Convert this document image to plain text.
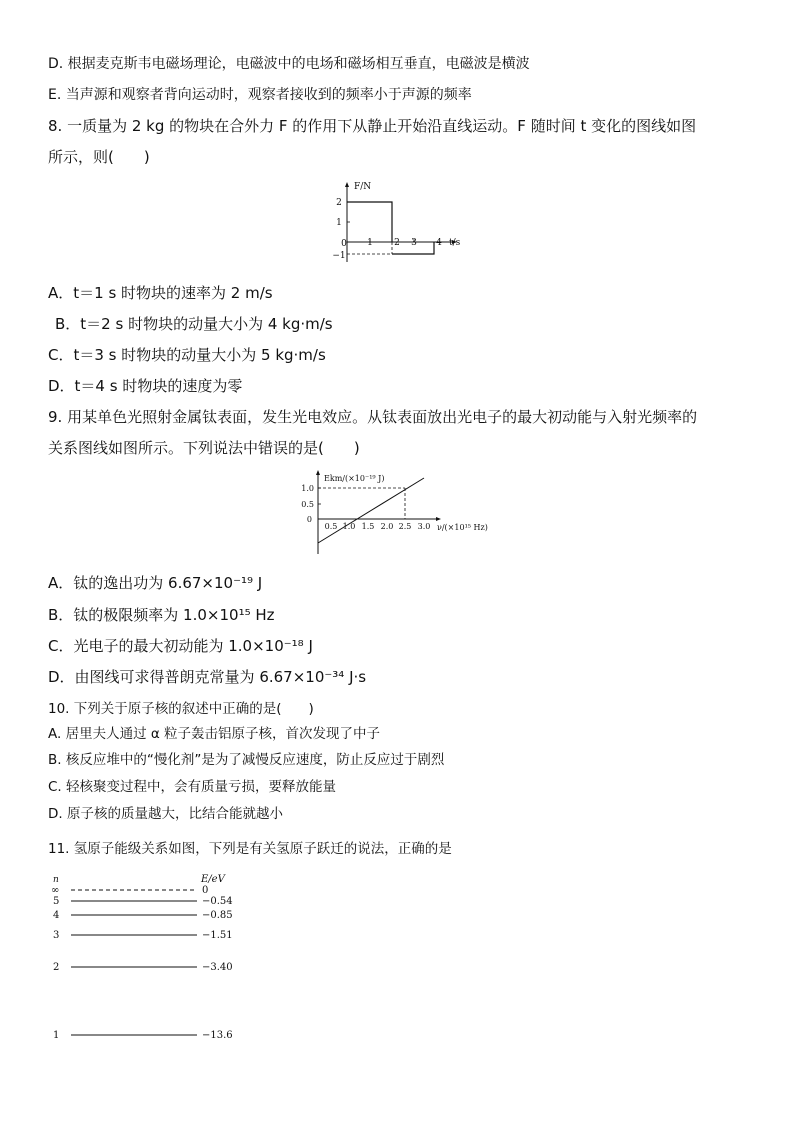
D. 根据麦克斯韦电磁场理论，电磁波中的电场和磁场相互垂直，电磁波是横波
E. 当声源和观察者背向运动时，观察者接收到的频率小于声源的频率
8. 一质量为 2 kg 的物块在合外力 F 的作用下从静止开始沿直线运动。F 随时间 t 变化的图线如图
所示，则(　　)
F/N
2
1
0
−1
1 2 3 4 t/s
A．t＝1 s 时物块的速率为 2 m/s
B．t＝2 s 时物块的动量大小为 4 kg·m/s
C．t＝3 s 时物块的动量大小为 5 kg·m/s
D．t＝4 s 时物块的速度为零
9. 用某单色光照射金属钛表面，发生光电效应。从钛表面放出光电子的最大初动能与入射光频率的
关系图线如图所示。下列说法中错误的是(　　)
Ekm/(×10⁻¹⁹ J)
1.0
0.5
0
0.5 1.0 1.5 2.0 2.5 3.0 ν/(×10¹⁵ Hz)
A．钛的逸出功为 6.67×10⁻¹⁹ J
B．钛的极限频率为 1.0×10¹⁵ Hz
C．光电子的最大初动能为 1.0×10⁻¹⁸ J
D．由图线可求得普朗克常量为 6.67×10⁻³⁴ J·s
10. 下列关于原子核的叙述中正确的是(　　)
A. 居里夫人通过 α 粒子轰击铝原子核，首次发现了中子
B. 核反应堆中的“慢化剂”是为了减慢反应速度，防止反应过于剧烈
C. 轻核聚变过程中，会有质量亏损，要释放能量
D. 原子核的质量越大，比结合能就越小
11. 氢原子能级关系如图，下列是有关氢原子跃迁的说法，正确的是
n	E/eV
∞	0
5	−0.54
4	−0.85
3	−1.51
2	−3.40
1	−13.6
